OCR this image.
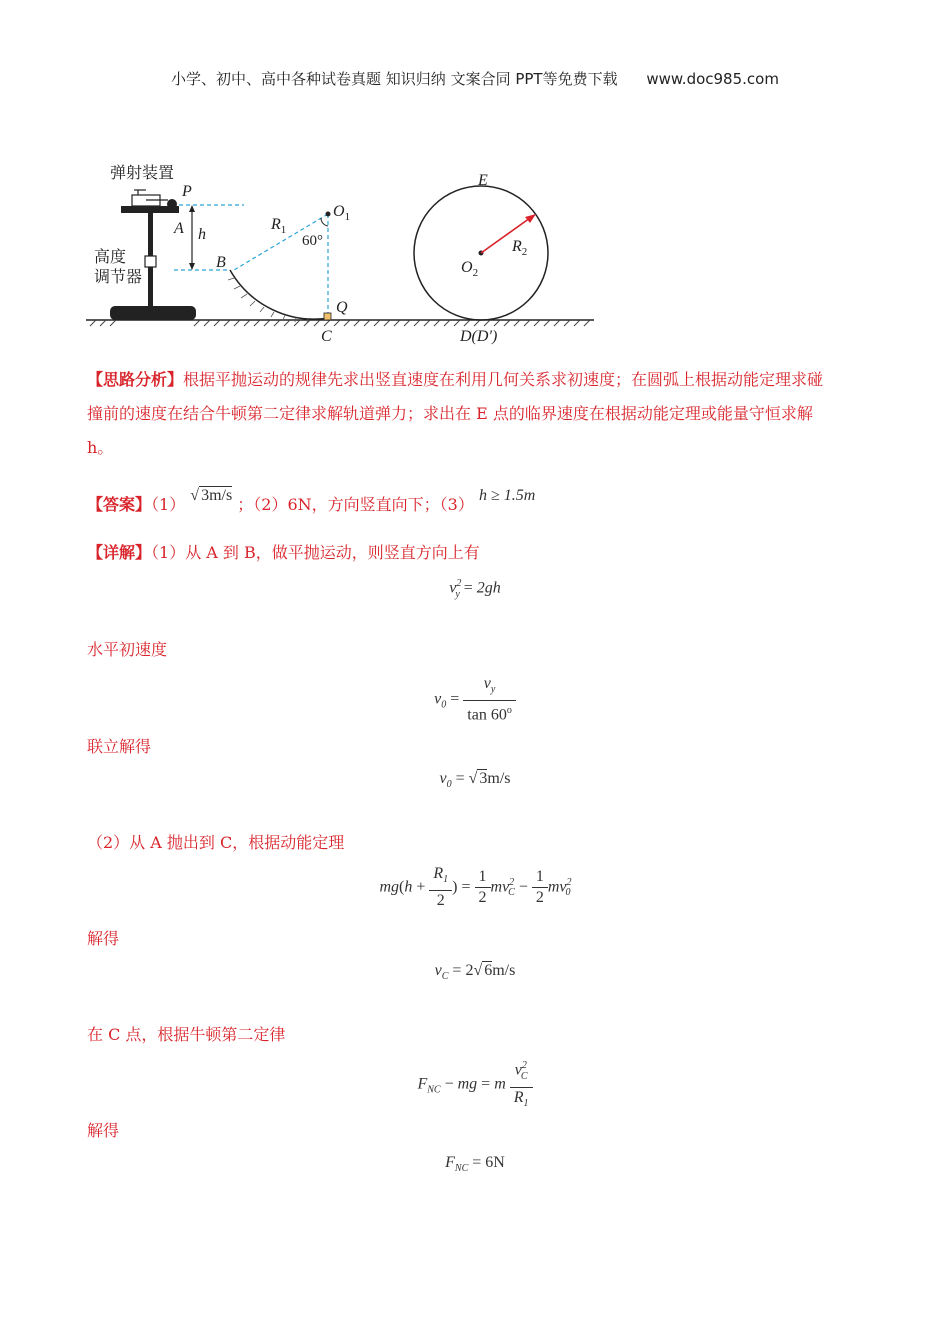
小学、初中、高中各种试卷真题 知识归纳 文案合同 PPT等免费下载 www.doc985.com
弹射装置
高度
调节器
P
A h
B
$R_1$
$O_1$
Q
C
E
$O_2$
$R_2$
D(D′)
60°
【思路分析】根据平抛运动的规律先求出竖直速度在利用几何关系求初速度；在圆弧上根据动能定理求碰
撞前的速度在结合牛顿第二定律求解轨道弹力；求出在 E 点的临界速度在根据动能定理或能量守恒求解
h。
【答案】（1） √ 3m/s ；（2）6N，方向竖直向下；（3） h ≥ 1.5m
【详解】（1）从 A 到 B，做平抛运动，则竖直方向上有
$v^2_y = 2gh$
水平初速度
$v_0 = \frac{v_y}{\tan 60^o}$
联立解得
$v_0$ = √ 3m/s
（2）从 A 抛出到 C，根据动能定理
$mg(h + \frac{R_1}{2}$ ) = $\frac{1}{2} mv^2_C - \frac{1}{2} mv^2_0$
解得
$v_C = 2√$ 6m/s
在 C 点，根据牛顿第二定律
$F_{NC}$ − mg = m $\frac{v^2_C}{R_1}$
解得
$F_{NC} = 6N$
